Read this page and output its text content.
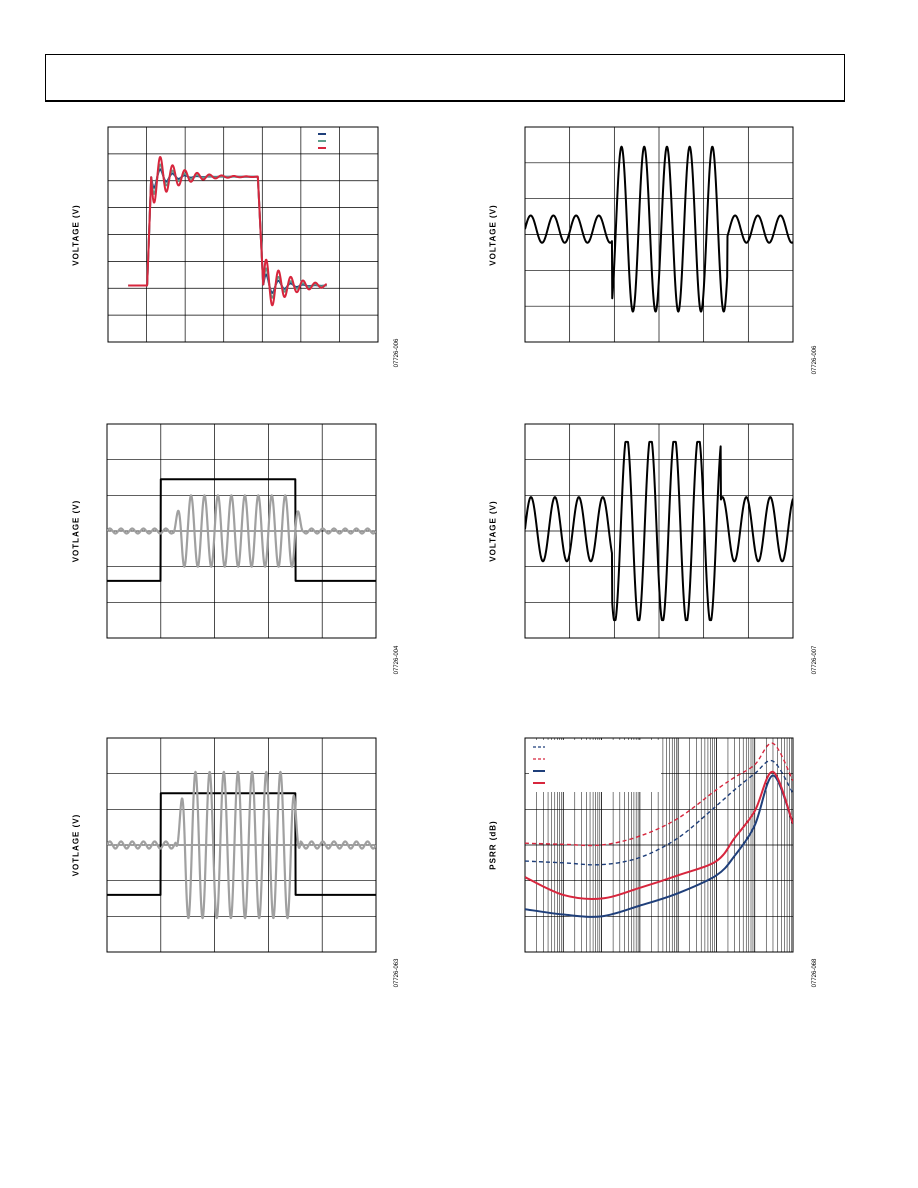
VOLTAGE (V)
07726-006
VOTLAGE (V)
07726-004
VOTLAGE (V)
07726-063
VOLTAGE (V)
07726-006
VOLTAGE (V)
07726-007
PSRR (dB)
07726-068
